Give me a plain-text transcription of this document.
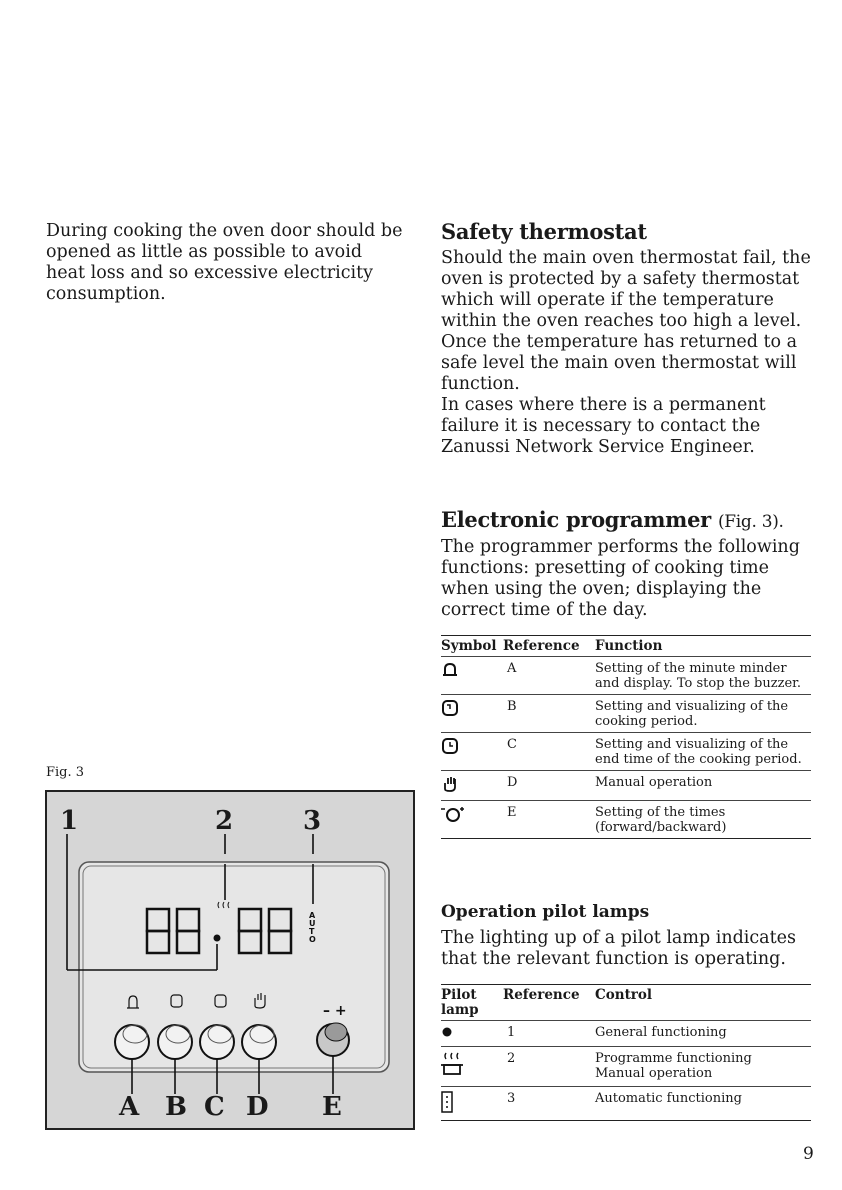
During cooking the oven door should be opened as little as possible to avoid heat loss and so excessive electricity consumption.
Safety thermostat
Should the main oven thermostat fail, the oven is protected by a safety thermostat which will operate if the temperature within the oven reaches too high a level. Once the temperature has returned to a safe level the main oven thermostat will function.
In cases where there is a permanent failure it is necessary to contact the Zanussi Network Service Engineer.
Electronic programmer (Fig. 3).
The programmer performs the following functions: presetting of cooking time when using the oven; displaying the correct time of the day.
Symbol	Reference	Function
	A	Setting of the minute minder and display. To stop the buzzer.
	B	Setting and visualizing of the cooking period.
	C	Setting and visualizing of the end time of the cooking period.
	D	Manual operation
	E	Setting of the times (forward/backward)
Operation pilot lamps
The lighting up of a pilot lamp indicates that the relevant function is operating.
Pilot lamp	Reference	Control
	1	General functioning
	2	Programme functioning
Manual operation
	3	Automatic functioning
Fig. 3
A
U
T
O
– +
1	2	3
A B C D E
9
